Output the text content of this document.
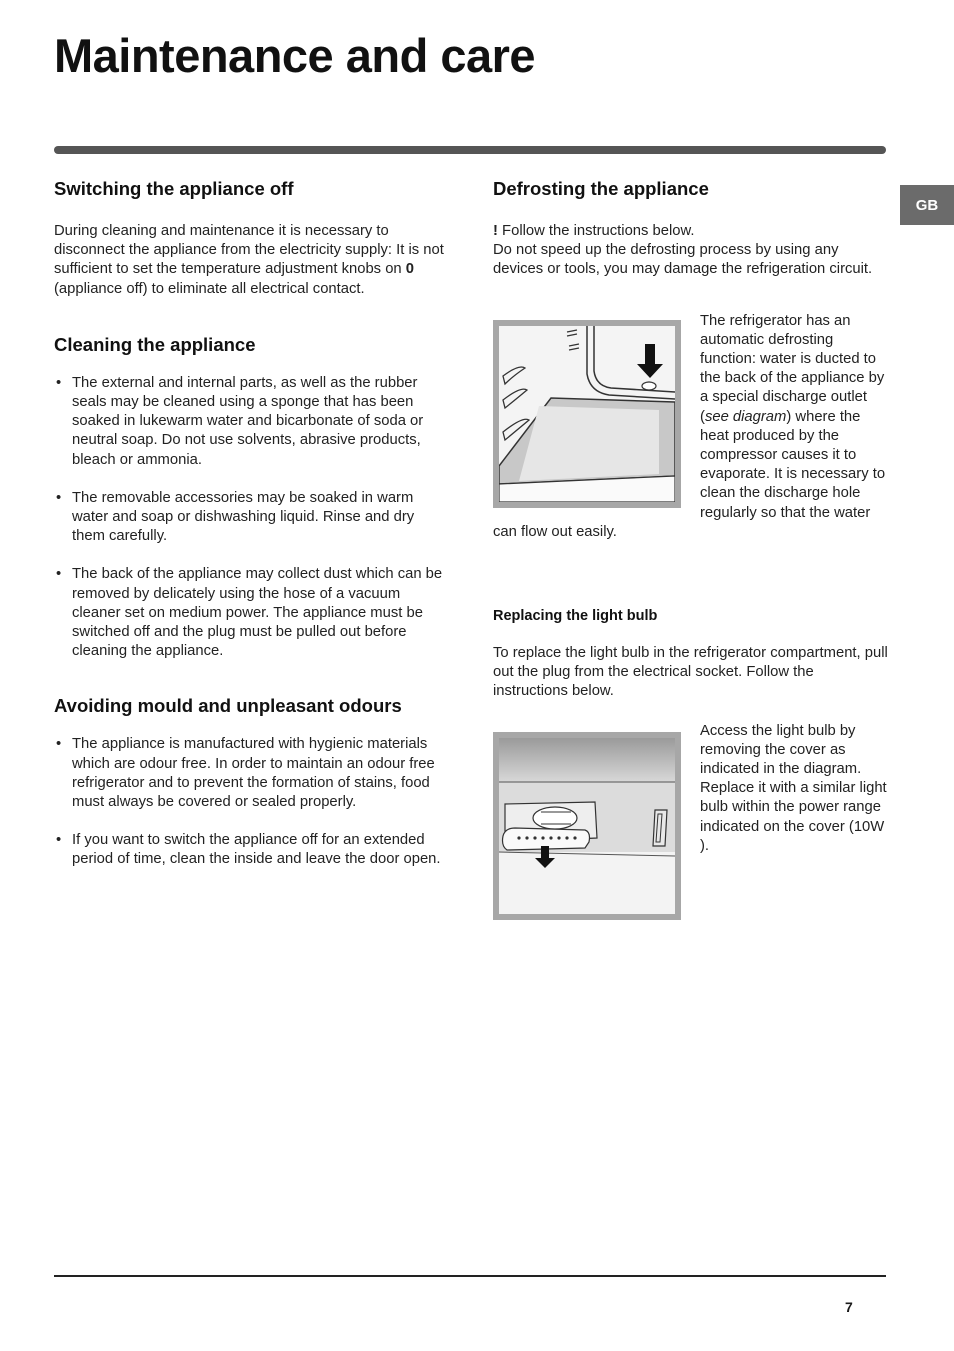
Maintenance and care
GB
Switching the appliance off

During cleaning and maintenance it is necessary to disconnect the appliance from the electricity supply: It is not sufficient to set the temperature adjustment knobs on 0 (appliance off) to eliminate all electrical contact.

Cleaning the appliance
• The external and internal parts, as well as the rubber seals may be cleaned using a sponge that has been soaked in lukewarm water and bicarbonate of soda or neutral soap. Do not use solvents, abrasive products, bleach or ammonia.
• The removable accessories may be soaked in warm water and soap or dishwashing liquid. Rinse and dry them carefully.
• The back of the appliance may collect dust which can be removed by delicately using the hose of a vacuum cleaner set on medium power. The appliance must be switched off and the plug must be pulled out before cleaning the appliance.
Avoiding mould and unpleasant odours
• The appliance is manufactured with hygienic materials which are odour free. In order to maintain an odour free refrigerator and to prevent the formation of stains, food must always be covered or sealed properly.
• If you want to switch the appliance off for an extended period of time, clean the inside and leave the door open.
Defrosting the appliance

! Follow the instructions below.

Do not speed up the defrosting process by using any devices or tools, you may damage the refrigeration circuit.

The refrigerator has an automatic defrosting function: water is ducted to the back of the appliance by a special discharge outlet (see diagram) where the heat produced by the compressor causes it to evaporate. It is necessary to clean the discharge hole regularly so that the water can flow out easily.

Replacing the light bulb

To replace the light bulb in the refrigerator compartment, pull out the plug from the electrical socket. Follow the instructions below.

Access the light bulb by removing the cover as indicated in the diagram. Replace it with a similar light bulb within the power range indicated on the cover (10W ).

7
